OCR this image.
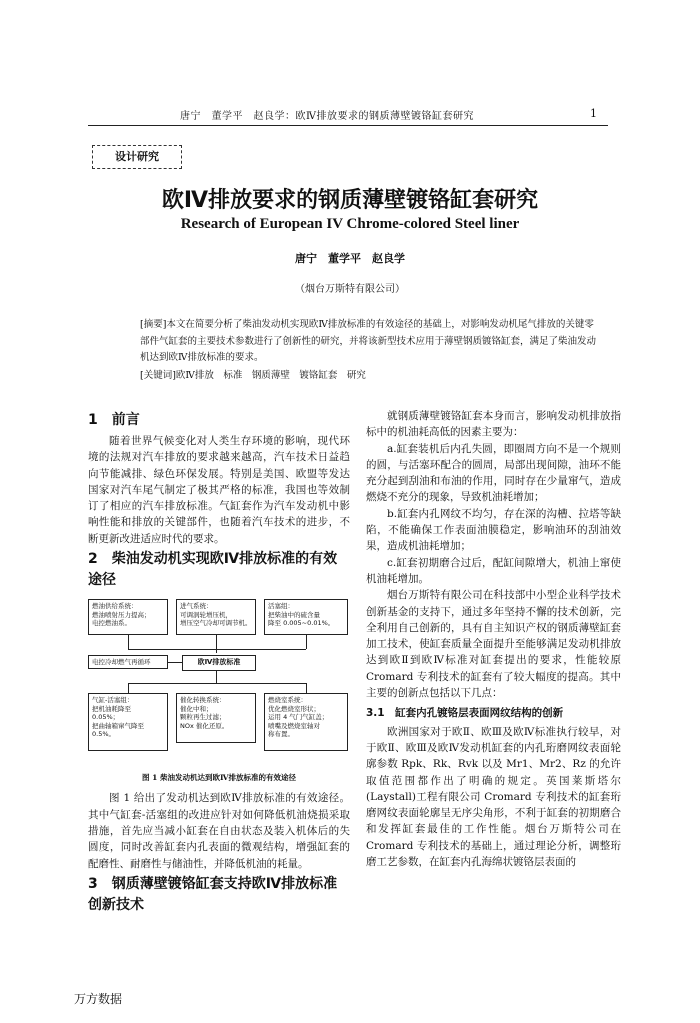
唐宁　董学平　赵良学：欧Ⅳ排放要求的钢质薄壁镀铬缸套研究	1
设计研究
欧Ⅳ排放要求的钢质薄壁镀铬缸套研究
Research of European IV Chrome-colored Steel liner
唐宁　董学平　赵良学
（烟台万斯特有限公司）
[摘要]本文在简要分析了柴油发动机实现欧Ⅳ排放标准的有效途径的基础上，对影响发动机尾气排放的关键零部件气缸套的主要技术参数进行了创新性的研究，并将该新型技术应用于薄壁钢质镀铬缸套，满足了柴油发动机达到欧Ⅳ排放标准的要求。
[关键词]欧Ⅳ排放　标准　钢质薄壁　镀铬缸套　研究
1　前言

随着世界气候变化对人类生存环境的影响，现代环境的法规对汽车排放的要求越来越高，汽车技术日益趋向节能减排、绿色环保发展。特别是美国、欧盟等发达国家对汽车尾气制定了极其严格的标准，我国也等效制订了相应的汽车排放标准。气缸套作为汽车发动机中影响性能和排放的关键部件，也随着汽车技术的进步，不断更新改进适应时代的要求。

2　柴油发动机实现欧Ⅳ排放标准的有效途径
燃油供给系统：
燃油喷射压力提高；
电控燃油系。
进气系统：
可调涡轮增压机，
增压空气冷却可调节机。
活塞组：
把柴油中的硫含量
降至 0.005~0.01%。
电控冷却燃气再循环	欧Ⅳ排放标准
气缸-活塞组：
把机油耗降至
0.05%；
把曲轴箱窜气降至
0.5%。
催化转换系统：
催化中和；
颗粒再生过滤；
NOx 催化还原。
燃烧室系统：
优化燃烧室形状；
运用 4 气门气缸盖；
喷嘴及燃烧室轴对
称布置。
图 1 柴油发动机达到欧Ⅳ排放标准的有效途径

图 1 给出了发动机达到欧Ⅳ排放标准的有效途径。其中气缸套-活塞组的改进应针对如何降低机油烧损采取措施，首先应当减小缸套在自由状态及装入机体后的失圆度，同时改善缸套内孔表面的微观结构，增强缸套的配磨性、耐磨性与储油性，并降低机油的耗量。

3　钢质薄壁镀铬缸套支持欧Ⅳ排放标准创新技术

就钢质薄壁镀铬缸套本身而言，影响发动机排放指标中的机油耗高低的因素主要为：

a.缸套装机后内孔失圆，即圈周方向不是一个规则的圆，与活塞环配合的圆周，局部出现间隙，油环不能充分起到刮油和布油的作用，同时存在少量窜气，造成燃烧不充分的现象，导致机油耗增加；

b.缸套内孔网纹不均匀，存在深的沟槽、拉塔等缺陷，不能确保工作表面油膜稳定，影响油环的刮油效果，造成机油耗增加；

c.缸套初期磨合过后，配缸间隙增大，机油上窜使机油耗增加。

烟台万斯特有限公司在科技部中小型企业科学技术创新基金的支持下，通过多年坚持不懈的技术创新，完全利用自己创新的，具有自主知识产权的钢质薄壁缸套加工技术，使缸套质量全面提升至能够满足发动机排放达到欧Ⅱ到欧Ⅳ标准对缸套提出的要求，性能较原 Cromard 专利技术的缸套有了较大幅度的提高。其中主要的创新点包括以下几点：

3.1　缸套内孔镀铬层表面网纹结构的创新

欧洲国家对于欧Ⅱ、欧Ⅲ及欧Ⅳ标准执行较早，对于欧Ⅱ、欧Ⅲ及欧Ⅳ发动机缸套的内孔珩磨网纹表面轮廓参数 Rpk、Rk、Rvk 以及 Mr1、Mr2、Rz 的允许取值范围都作出了明确的规定。英国莱斯塔尔(Laystall)工程有限公司 Cromard 专利技术的缸套珩磨网纹表面轮廓呈无序尖角形，不利于缸套的初期磨合和发挥缸套最佳的工作性能。烟台万斯特公司在 Cromard 专利技术的基础上，通过理论分析，调整珩磨工艺参数，在缸套内孔海绵状镀铬层表面的

万方数据
